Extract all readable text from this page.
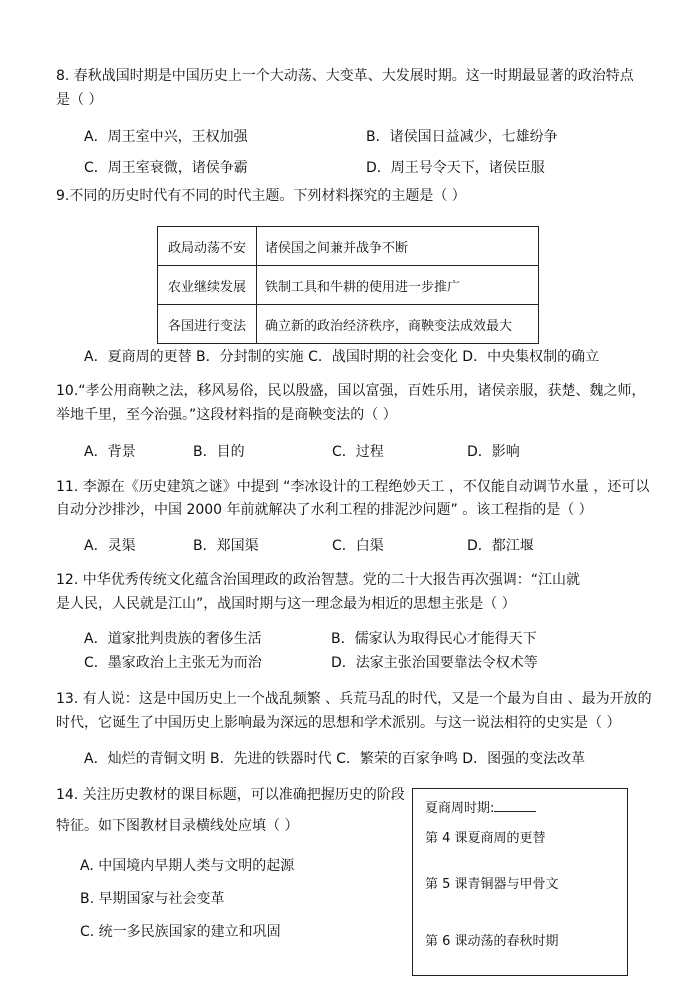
8. 春秋战国时期是中国历史上一个大动荡、大变革、大发展时期。这一时期最显著的政治特点
是（ ）
A．周王室中兴，王权加强	B．诸侯国日益减少，七雄纷争
C．周王室衰微，诸侯争霸	D．周王号令天下，诸侯臣服
9.不同的历史时代有不同的时代主题。下列材料探究的主题是（ ）
政局动荡不安	诸侯国之间兼并战争不断
农业继续发展	铁制工具和牛耕的使用进一步推广
各国进行变法	确立新的政治经济秩序，商鞅变法成效最大
A．夏商周的更替 B．分封制的实施 C．战国时期的社会变化 D．中央集权制的确立
10.“孝公用商鞅之法，移风易俗，民以殷盛，国以富强，百姓乐用，诸侯亲服，获楚、魏之师，
举地千里，至今治强。”这段材料指的是商鞅变法的（ ）
A．背景	B．目的	C．过程	D．影响
11. 李源在《历史建筑之谜》中提到 “李冰设计的工程绝妙天工 ，不仅能自动调节水量 ，还可以
自动分沙排沙，中国 2000 年前就解决了水利工程的排泥沙问题” 。该工程指的是（ ）
A．灵渠	B．郑国渠	C．白渠	D．都江堰
12. 中华优秀传统文化蕴含治国理政的政治智慧。党的二十大报告再次强调：“江山就
是人民，人民就是江山”，战国时期与这一理念最为相近的思想主张是（ ）
A．道家批判贵族的奢侈生活	B．儒家认为取得民心才能得天下
C．墨家政治上主张无为而治	D．法家主张治国要靠法令权术等
13. 有人说：这是中国历史上一个战乱频繁 、兵荒马乱的时代，又是一个最为自由 、最为开放的
时代，它诞生了中国历史上影响最为深远的思想和学术派别。与这一说法相符的史实是（ ）
A．灿烂的青铜文明 B．先进的铁器时代 C．繁荣的百家争鸣 D．图强的变法改革
14. 关注历史教材的课目标题，可以准确把握历史的阶段
特征。如下图教材目录横线处应填（ ）
A. 中国境内早期人类与文明的起源
B. 早期国家与社会变革
C. 统一多民族国家的建立和巩固
夏商周时期:
第 4 课夏商周的更替
第 5 课青铜器与甲骨文
第 6 课动荡的春秋时期
